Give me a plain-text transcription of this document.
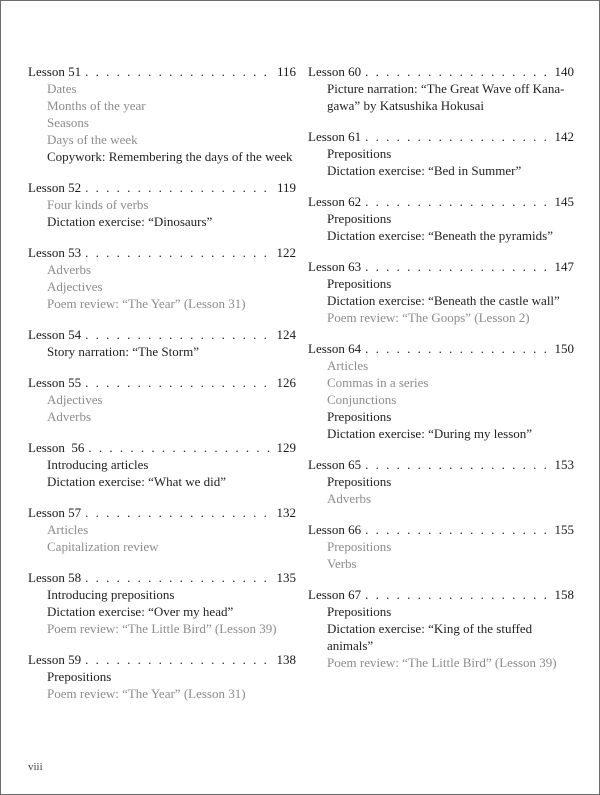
Lesson 51 . . .	116
Dates
Months of the year
Seasons
Days of the week
Copywork: Remembering the days of the week
Lesson 52 . . .	119
Four kinds of verbs
Dictation exercise: “Dinosaurs”
Lesson 53 . . .	122
Adverbs
Adjectives
Poem review: “The Year” (Lesson 31)
Lesson 54 . . .	124
Story narration: “The Storm”
Lesson 55 . . .	126
Adjectives
Adverbs
Lesson  56 . . .	129
Introducing articles
Dictation exercise: “What we did”
Lesson 57 . . .	132
Articles
Capitalization review
Lesson 58 . . .	135
Introducing prepositions
Dictation exercise: “Over my head”
Poem review: “The Little Bird” (Lesson 39)
Lesson 59 . . .	138
Prepositions
Poem review: “The Year” (Lesson 31)
Lesson 60 . . .	140
Picture narration: “The Great Wave off Kana-
gawa” by Katsushika Hokusai
Lesson 61 . . .	142
Prepositions
Dictation exercise: “Bed in Summer”
Lesson 62 . . .	145
Prepositions
Dictation exercise: “Beneath the pyramids”
Lesson 63 . . .	147
Prepositions
Dictation exercise: “Beneath the castle wall”
Poem review: “The Goops” (Lesson 2)
Lesson 64 . . .	150
Articles
Commas in a series
Conjunctions
Prepositions
Dictation exercise: “During my lesson”
Lesson 65 . . .	153
Prepositions
Adverbs
Lesson 66 . . .	155
Prepositions
Verbs
Lesson 67 . . .	158
Prepositions
Dictation exercise: “King of the stuffed
animals”
Poem review: “The Little Bird” (Lesson 39)
viii
